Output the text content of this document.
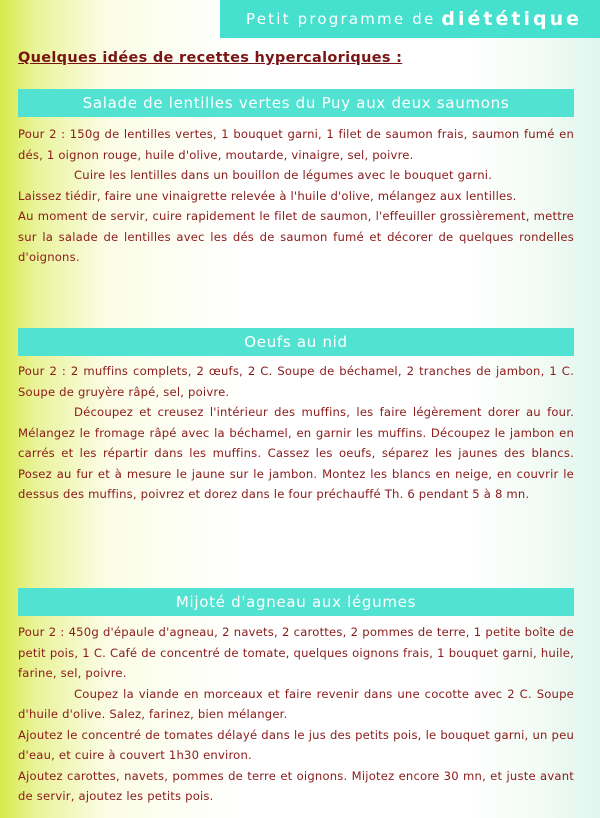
Petit programme de diététique
Quelques idées de recettes hypercaloriques :
Salade de lentilles vertes du Puy aux deux saumons

Pour 2 : 150g de lentilles vertes, 1 bouquet garni, 1 filet de saumon frais, saumon fumé en dés, 1 oignon rouge, huile d'olive, moutarde, vinaigre, sel, poivre.

Cuire les lentilles dans un bouillon de légumes avec le bouquet garni.

Laissez tiédir, faire une vinaigrette relevée à l'huile d'olive, mélangez aux lentilles.

Au moment de servir, cuire rapidement le filet de saumon, l'effeuiller grossièrement, mettre sur la salade de lentilles avec les dés de saumon fumé et décorer de quelques rondelles d'oignons.

Oeufs au nid

Pour 2 : 2 muffins complets, 2 œufs, 2 C. Soupe de béchamel, 2 tranches de jambon, 1 C. Soupe de gruyère râpé, sel, poivre.

Découpez et creusez l'intérieur des muffins, les faire légèrement dorer au four. Mélangez le fromage râpé avec la béchamel, en garnir les muffins. Découpez le jambon en carrés et les répartir dans les muffins. Cassez les oeufs, séparez les jaunes des blancs. Posez au fur et à mesure le jaune sur le jambon. Montez les blancs en neige, en couvrir le dessus des muffins, poivrez et dorez dans le four préchauffé Th. 6 pendant 5 à 8 mn.

Mijoté d'agneau aux légumes

Pour 2 : 450g d'épaule d'agneau, 2 navets, 2 carottes, 2 pommes de terre, 1 petite boîte de petit pois, 1 C. Café de concentré de tomate, quelques oignons frais, 1 bouquet garni, huile, farine, sel, poivre.

Coupez la viande en morceaux et faire revenir dans une cocotte avec 2 C. Soupe d'huile d'olive. Salez, farinez, bien mélanger.

Ajoutez le concentré de tomates délayé dans le jus des petits pois, le bouquet garni, un peu d'eau, et cuire à couvert 1h30 environ.

Ajoutez carottes, navets, pommes de terre et oignons. Mijotez encore 30 mn, et juste avant de servir, ajoutez les petits pois.
